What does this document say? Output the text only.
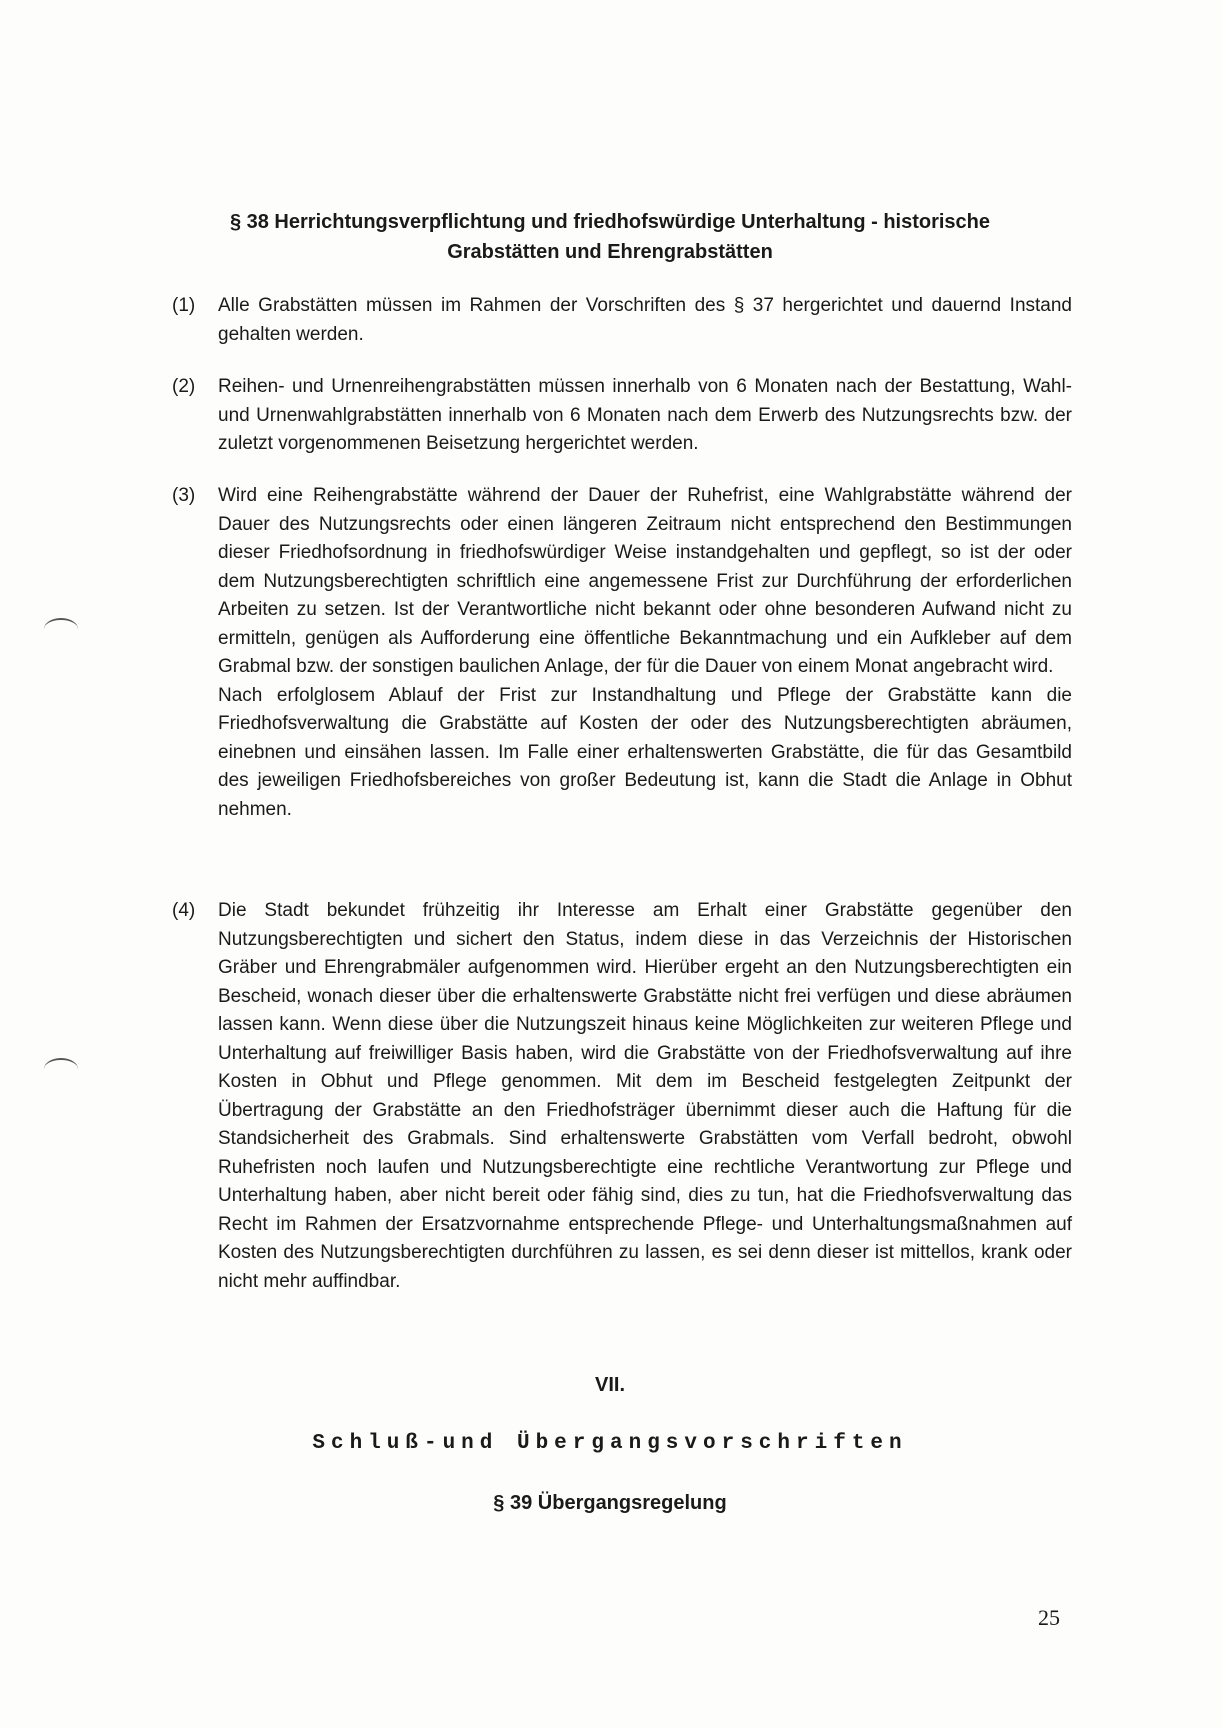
§ 38 Herrichtungsverpflichtung und friedhofswürdige Unterhaltung - historische
Grabstätten und Ehrengrabstätten
(1) Alle Grabstätten müssen im Rahmen der Vorschriften des § 37 hergerichtet und dauernd Instand gehalten werden.

(2) Reihen- und Urnenreihengrabstätten müssen innerhalb von 6 Monaten nach der Bestattung, Wahl- und Urnenwahlgrabstätten innerhalb von 6 Monaten nach dem Erwerb des Nutzungsrechts bzw. der zuletzt vorgenommenen Beisetzung hergerichtet werden.

(3) Wird eine Reihengrabstätte während der Dauer der Ruhefrist, eine Wahlgrabstätte während der Dauer des Nutzungsrechts oder einen längeren Zeitraum nicht entsprechend den Bestimmungen dieser Friedhofsordnung in friedhofswürdiger Weise instandgehalten und gepflegt, so ist der oder dem Nutzungsberechtigten schriftlich eine angemessene Frist zur Durchführung der erforderlichen Arbeiten zu setzen. Ist der Verantwortliche nicht bekannt oder ohne besonderen Aufwand nicht zu ermitteln, genügen als Aufforderung eine öffentliche Bekanntmachung und ein Aufkleber auf dem Grabmal bzw. der sonstigen baulichen Anlage, der für die Dauer von einem Monat angebracht wird.

Nach erfolglosem Ablauf der Frist zur Instandhaltung und Pflege der Grabstätte kann die Friedhofsverwaltung die Grabstätte auf Kosten der oder des Nutzungsberechtigten abräumen, einebnen und einsähen lassen. Im Falle einer erhaltenswerten Grabstätte, die für das Gesamtbild des jeweiligen Friedhofsbereiches von großer Bedeutung ist, kann die Stadt die Anlage in Obhut nehmen.

(4) Die Stadt bekundet frühzeitig ihr Interesse am Erhalt einer Grabstätte gegenüber den Nutzungsberechtigten und sichert den Status, indem diese in das Verzeichnis der Historischen Gräber und Ehrengrabmäler aufgenommen wird. Hierüber ergeht an den Nutzungsberechtigten ein Bescheid, wonach dieser über die erhaltenswerte Grabstätte nicht frei verfügen und diese abräumen lassen kann. Wenn diese über die Nutzungszeit hinaus keine Möglichkeiten zur weiteren Pflege und Unterhaltung auf freiwilliger Basis haben, wird die Grabstätte von der Friedhofsverwaltung auf ihre Kosten in Obhut und Pflege genommen. Mit dem im Bescheid festgelegten Zeitpunkt der Übertragung der Grabstätte an den Friedhofsträger übernimmt dieser auch die Haftung für die Standsicherheit des Grabmals. Sind erhaltenswerte Grabstätten vom Verfall bedroht, obwohl Ruhefristen noch laufen und Nutzungsberechtigte eine rechtliche Verantwortung zur Pflege und Unterhaltung haben, aber nicht bereit oder fähig sind, dies zu tun, hat die Friedhofsverwaltung das Recht im Rahmen der Ersatzvornahme entsprechende Pflege- und Unterhaltungsmaßnahmen auf Kosten des Nutzungsberechtigten durchführen zu lassen, es sei denn dieser ist mittellos, krank oder nicht mehr auffindbar.

VII.
Schluß-und Übergangsvorschriften
§ 39 Übergangsregelung
25
